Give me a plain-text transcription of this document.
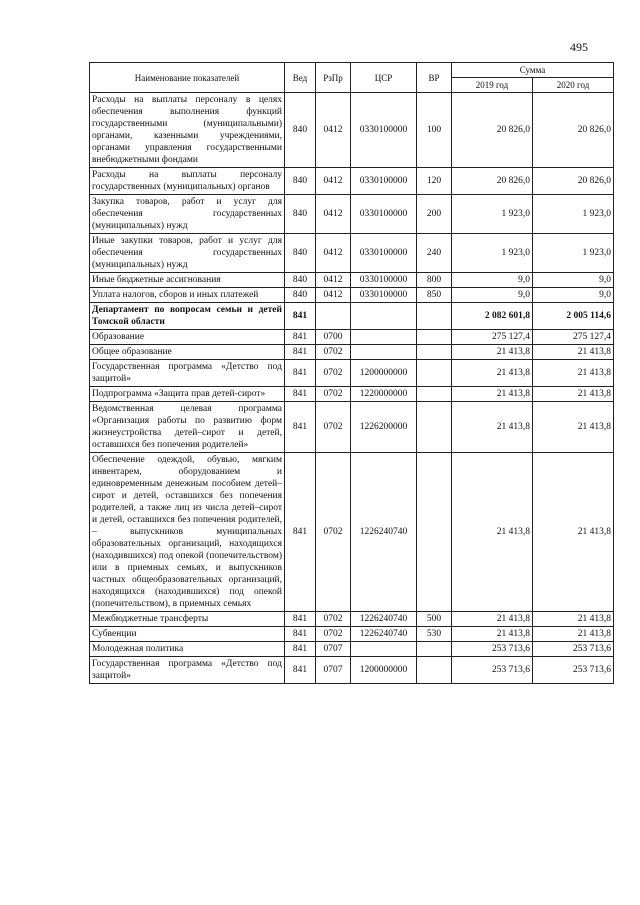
495
Наименование показателей	Вед	РзПр	ЦСР	ВР	Сумма	
					2019 год	2020 год
Расходы на выплаты персоналу в целях обеспечения выполнения функций государственными (муниципальными) органами, казенными учреждениями, органами управления государственными внебюджетными фондами	840	0412	0330100000	100	20 826,0	20 826,0
Расходы на выплаты персоналу государственных (муниципальных) органов	840	0412	0330100000	120	20 826,0	20 826,0
Закупка товаров, работ и услуг для обеспечения государственных (муниципальных) нужд	840	0412	0330100000	200	1 923,0	1 923,0
Иные закупки товаров, работ и услуг для обеспечения государственных (муниципальных) нужд	840	0412	0330100000	240	1 923,0	1 923,0
Иные бюджетные ассигнования	840	0412	0330100000	800	9,0	9,0
Уплата налогов, сборов и иных платежей	840	0412	0330100000	850	9,0	9,0
Департамент по вопросам семьи и детей Томской области	841				2 082 601,8	2 005 114,6
Образование	841	0700			275 127,4	275 127,4
Общее образование	841	0702			21 413,8	21 413,8
Государственная программа «Детство под защитой»	841	0702	1200000000		21 413,8	21 413,8
Подпрограмма «Защита прав детей-сирот»	841	0702	1220000000		21 413,8	21 413,8
Ведомственная целевая программа «Организация работы по развитию форм жизнеустройства детей–сирот и детей, оставшихся без попечения родителей»	841	0702	1226200000		21 413,8	21 413,8
Обеспечение одеждой, обувью, мягким инвентарем, оборудованием и единовременным денежным пособием детей–сирот и детей, оставшихся без попечения родителей, а также лиц из числа детей–сирот и детей, оставшихся без попечения родителей, – выпускников муниципальных образовательных организаций, находящихся (находившихся) под опекой (попечительством) или в приемных семьях, и выпускников частных общеобразовательных организаций, находящихся (находившихся) под опекой (попечительством), в приемных семьях	841	0702	1226240740		21 413,8	21 413,8
Межбюджетные трансферты	841	0702	1226240740	500	21 413,8	21 413,8
Субвенции	841	0702	1226240740	530	21 413,8	21 413,8
Молодежная политика	841	0707			253 713,6	253 713,6
Государственная программа «Детство под защитой»	841	0707	1200000000		253 713,6	253 713,6
